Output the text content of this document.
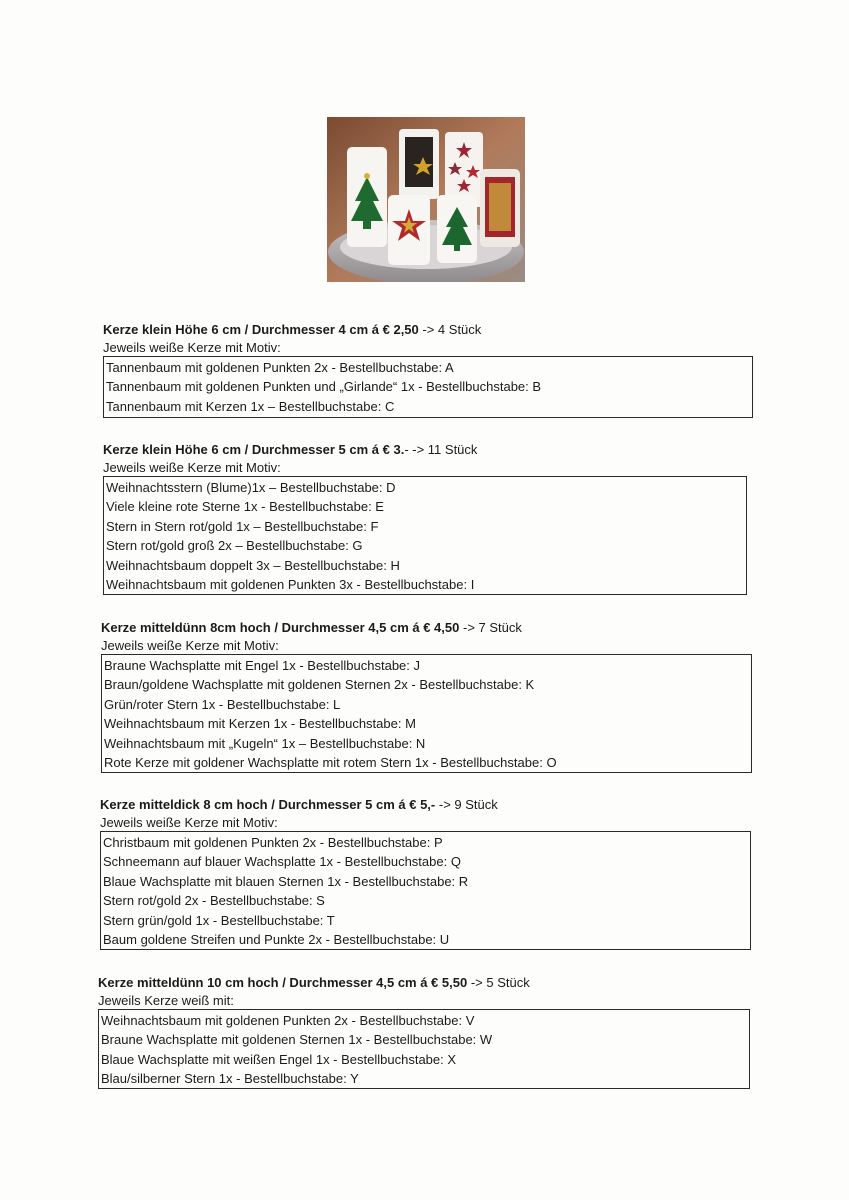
Kerze klein Höhe 6 cm / Durchmesser 4 cm á € 2,50 -> 4 Stück
Jeweils weiße Kerze mit Motiv:
Tannenbaum mit goldenen Punkten 2x - Bestellbuchstabe: A
Tannenbaum mit goldenen Punkten und „Girlande“ 1x - Bestellbuchstabe: B
Tannenbaum mit Kerzen 1x – Bestellbuchstabe: C
Kerze klein Höhe 6 cm / Durchmesser 5 cm á € 3.- -> 11 Stück
Jeweils weiße Kerze mit Motiv:
Weihnachtsstern (Blume)1x – Bestellbuchstabe: D
Viele kleine rote Sterne 1x - Bestellbuchstabe: E
Stern in Stern rot/gold 1x – Bestellbuchstabe: F
Stern rot/gold groß 2x – Bestellbuchstabe: G
Weihnachtsbaum doppelt 3x – Bestellbuchstabe: H
Weihnachtsbaum mit goldenen Punkten 3x - Bestellbuchstabe: I
Kerze mitteldünn 8cm hoch / Durchmesser 4,5 cm á € 4,50 -> 7 Stück
Jeweils weiße Kerze mit Motiv:
Braune Wachsplatte mit Engel 1x - Bestellbuchstabe: J
Braun/goldene Wachsplatte mit goldenen Sternen 2x - Bestellbuchstabe: K
Grün/roter Stern 1x - Bestellbuchstabe: L
Weihnachtsbaum mit Kerzen 1x - Bestellbuchstabe: M
Weihnachtsbaum mit „Kugeln“ 1x – Bestellbuchstabe: N
Rote Kerze mit goldener Wachsplatte mit rotem Stern 1x - Bestellbuchstabe: O
Kerze mitteldick 8 cm hoch / Durchmesser 5 cm á € 5,- -> 9 Stück
Jeweils weiße Kerze mit Motiv:
Christbaum mit goldenen Punkten 2x - Bestellbuchstabe: P
Schneemann auf blauer Wachsplatte 1x - Bestellbuchstabe: Q
Blaue Wachsplatte mit blauen Sternen 1x - Bestellbuchstabe: R
Stern rot/gold 2x - Bestellbuchstabe: S
Stern grün/gold 1x - Bestellbuchstabe: T
Baum goldene Streifen und Punkte 2x - Bestellbuchstabe: U
Kerze mitteldünn 10 cm hoch / Durchmesser 4,5 cm á € 5,50 -> 5 Stück
Jeweils Kerze weiß mit:
Weihnachtsbaum mit goldenen Punkten 2x - Bestellbuchstabe: V
Braune Wachsplatte mit goldenen Sternen 1x - Bestellbuchstabe: W
Blaue Wachsplatte mit weißen Engel 1x - Bestellbuchstabe: X
Blau/silberner Stern 1x - Bestellbuchstabe: Y
